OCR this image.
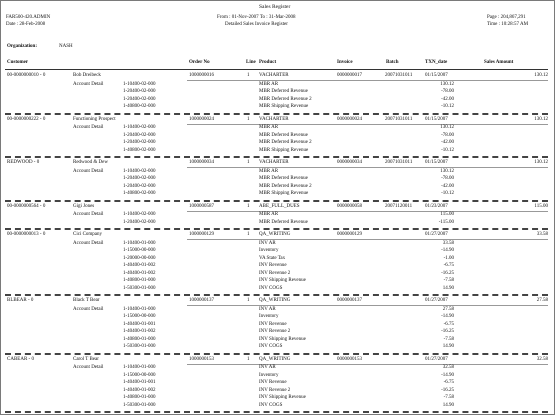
Sales Register
FAR500-420.ADMIN
Date : 28-Feb-2008
From : 01-Nov-2007 To : 31-Mar-2008
Detailed Sales Invoice Register
Page : 204,867,291
Time : 10:28:57 AM
Organization:	NASH
Customer	Order No	Line Product	Invoice	Batch	TXN_date	Sales Amount
00-0000000010 - 0	Bob Dreibeck	1000000016	1 VACHARTER	0000000017	20071031011	01/15/2007	130.12
Account Detail	1-10400-02-000	MBR AR	130.12
1-20400-02-000	MBR Deferred Revenue	-78.00
1-20400-02-000	MBR Deferred Revenue 2	-42.00
1-40800-02-000	MBR Shipping Revenue	-10.12
00-0000000222 - 0	Functioning Prospect	1000000024	1 VACHARTER	0000000024	20071031011	01/15/2007	130.12
Account Detail	1-10400-02-000	MBR AR	130.12
1-20400-02-000	MBR Deferred Revenue	-78.00
1-20400-02-000	MBR Deferred Revenue 2	-42.00
1-40800-02-000	MBR Shipping Revenue	-10.12
REDWOOD - 0	Redwood & Dew	1000000034	1 VACHARTER	0000000034	20071031011	01/15/2007	130.12
Account Detail	1-10400-02-000	MBR AR	130.12
1-20400-02-000	MBR Deferred Revenue	-78.00
1-20400-02-000	MBR Deferred Revenue 2	-42.00
1-40800-02-000	MBR Shipping Revenue	-10.12
00-0000000564 - 0	Gigi Jones	1000000587	1 ABE_FULL_DUES	0000000058	20071120011	01/23/2007	115.00
Account Detail	1-10400-02-000	MBR AR	115.00
1-20400-02-000	MBR Deferred Revenue	-115.00
00-0000000013 - 0	Cici Company	1000000129	1 QA_WRITING	0000000129	01/27/2007	33.58
Account Detail	1-10400-01-000	INV AR	33.58
1-15000-00-000	Inventory	-14.90
1-20000-00-000	VA State Tax	-1.00
1-40400-01-002	INV Revenue	-6.75
1-40400-01-002	INV Revenue 2	-16.25
1-40800-01-000	INV Shipping Revenue	-7.58
1-50300-01-000	INV COGS	14.90
BLBEAR - 0	Black T Bear	1000000137	1 QA_WRITING	0000000137	01/27/2007	27.58
Account Detail	1-10400-01-000	INV AR	27.58
1-15000-00-000	Inventory	-14.90
1-40400-01-001	INV Revenue	-6.75
1-40400-01-002	INV Revenue 2	-16.25
1-40800-01-000	INV Shipping Revenue	-7.58
1-50300-01-000	INV COGS	14.90
CABEAR - 0	Carol T Bear	1000000153	1 QA_WRITING	0000000153	01/27/2007	32.58
Account Detail	1-10400-01-000	INV AR	32.58
1-15000-00-000	Inventory	-14.90
1-40400-01-001	INV Revenue	-6.75
1-40400-01-002	INV Revenue 2	-16.25
1-40800-01-000	INV Shipping Revenue	-7.58
1-50300-01-000	INV COGS	14.90
